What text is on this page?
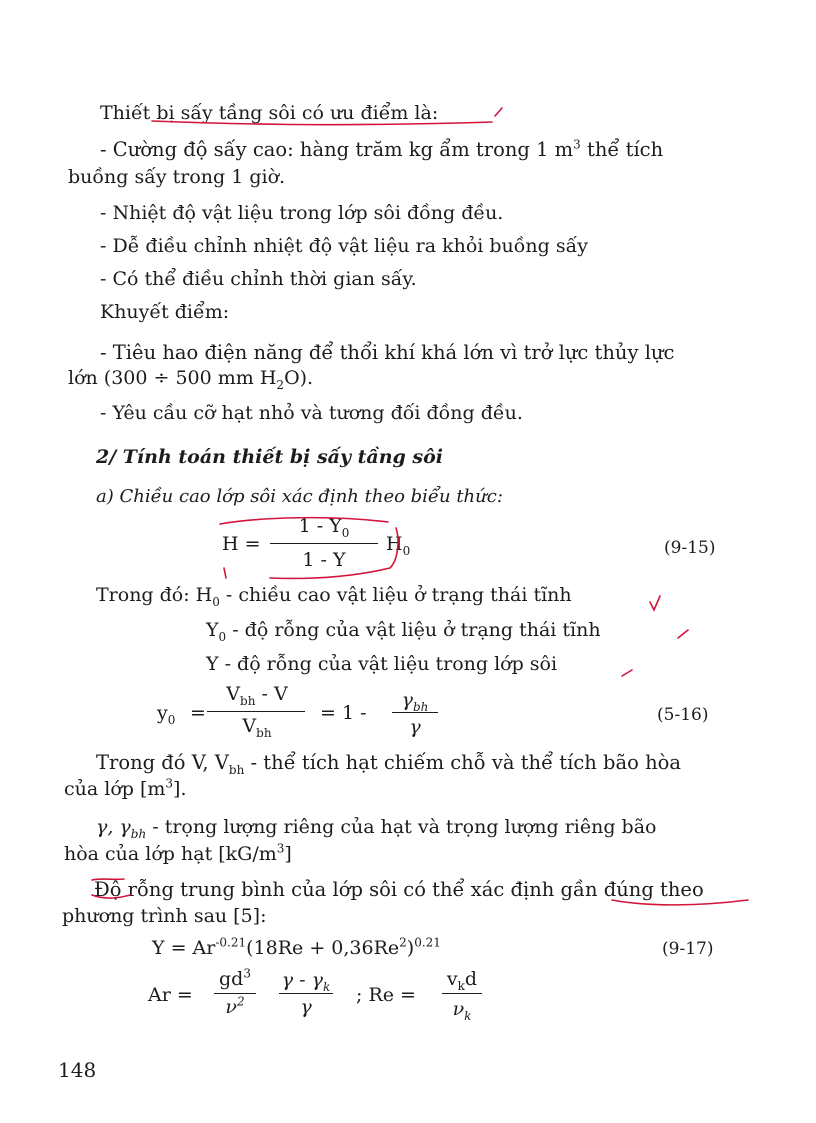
Thiết bị sấy tầng sôi có ưu điểm là:
- Cường độ sấy cao: hàng trăm kg ẩm trong 1 $m^3$ thể tích
buồng sấy trong 1 giờ.
- Nhiệt độ vật liệu trong lớp sôi đồng đều.
- Dễ điều chỉnh nhiệt độ vật liệu ra khỏi buồng sấy
- Có thể điều chỉnh thời gian sấy.
Khuyết điểm:
- Tiêu hao điện năng để thổi khí khá lớn vì trở lực thủy lực
lớn (300 ÷ 500 mm $H_2O$).
- Yêu cầu cỡ hạt nhỏ và tương đối đồng đều.
2/ Tính toán thiết bị sấy tầng sôi
a) Chiều cao lớp sôi xác định theo biểu thức:
H =
$1 - Y_0$
1 - Y
$H_0$	(9-15)
Trong đó: $H_0$ - chiều cao vật liệu ở trạng thái tĩnh
$Y_0$ - độ rỗng của vật liệu ở trạng thái tĩnh
Y - độ rỗng của vật liệu trong lớp sôi
$y_0$ =
$V_{bh}$ - V
$V_{bh}$
= 1 -
$\gamma_{bh}$
γ
(5-16)
Trong đó V, $V_{bh}$ - thể tích hạt chiếm chỗ và thể tích bão hòa
của lớp $[m^3]$.
γ, $\gamma_{bh}$ - trọng lượng riêng của hạt và trọng lượng riêng bão
hòa của lớp hạt $[kG/m^3]$
Độ rỗng trung bình của lớp sôi có thể xác định gần đúng theo
phương trình sau [5]:
$Y = Ar^{-0.21}(18Re + 0,36Re^2)^{0.21}$	(9-17)
Ar =
$gd^3$
$\nu^2$
γ - $\gamma_k$
γ
; Re =
$v_kd$
$\nu_k$
148
